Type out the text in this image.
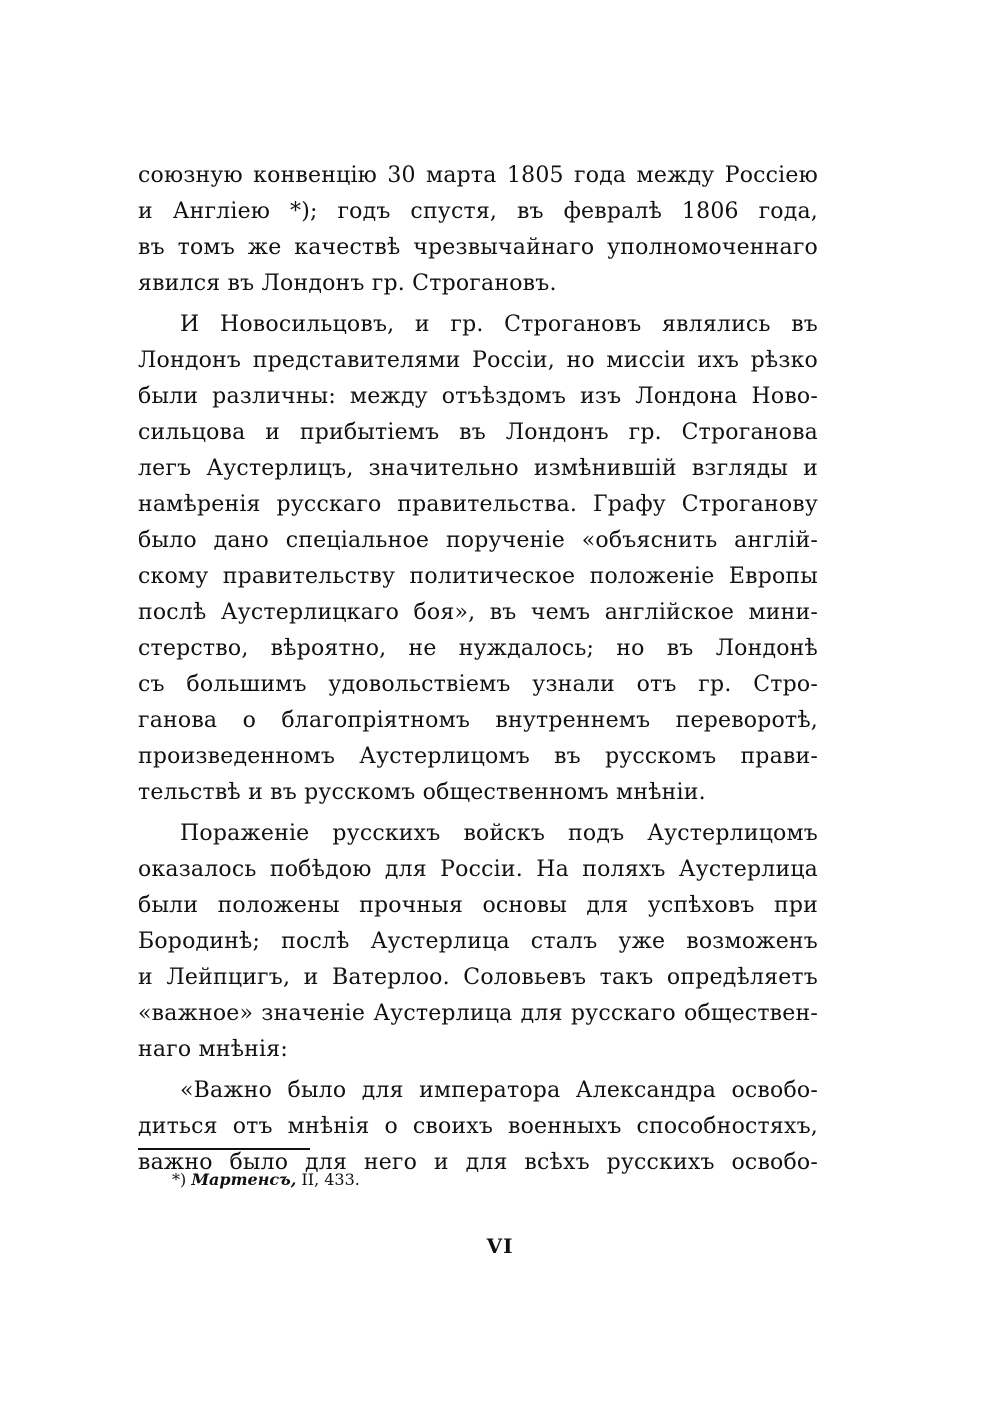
союзную конвенцію 30 марта 1805 года между Россіею
и Англіею *); годъ спустя, въ февралѣ 1806 года,
въ томъ же качествѣ чрезвычайнаго уполномоченнаго
явился въ Лондонъ гр. Строгановъ.
И Новосильцовъ, и гр. Строгановъ являлись въ
Лондонъ представителями Россіи, но миссіи ихъ рѣзко
были различны: между отъѣздомъ изъ Лондона Ново-
сильцова и прибытіемъ въ Лондонъ гр. Строганова
легъ Аустерлицъ, значительно измѣнившій взгляды и
намѣренія русскаго правительства. Графу Строганову
было дано спеціальное порученіе «объяснить англій-
скому правительству политическое положеніе Европы
послѣ Аустерлицкаго боя», въ чемъ англійское мини-
стерство, вѣроятно, не нуждалось; но въ Лондонѣ
съ большимъ удовольствіемъ узнали отъ гр. Стро-
ганова о благопріятномъ внутреннемъ переворотѣ,
произведенномъ Аустерлицомъ въ русскомъ прави-
тельствѣ и въ русскомъ общественномъ мнѣніи.
Пораженіе русскихъ войскъ подъ Аустерлицомъ
оказалось побѣдою для Россіи. На поляхъ Аустерлица
были положены прочныя основы для успѣховъ при
Бородинѣ; послѣ Аустерлица сталъ уже возможенъ
и Лейпцигъ, и Ватерлоо. Соловьевъ такъ опредѣляетъ
«важное» значеніе Аустерлица для русскаго обществен-
наго мнѣнія:
«Важно было для императора Александра освобо-
диться отъ мнѣнія о своихъ военныхъ способностяхъ,
важно было для него и для всѣхъ русскихъ освобо-
*) Мартенсъ, II, 433.
VI
